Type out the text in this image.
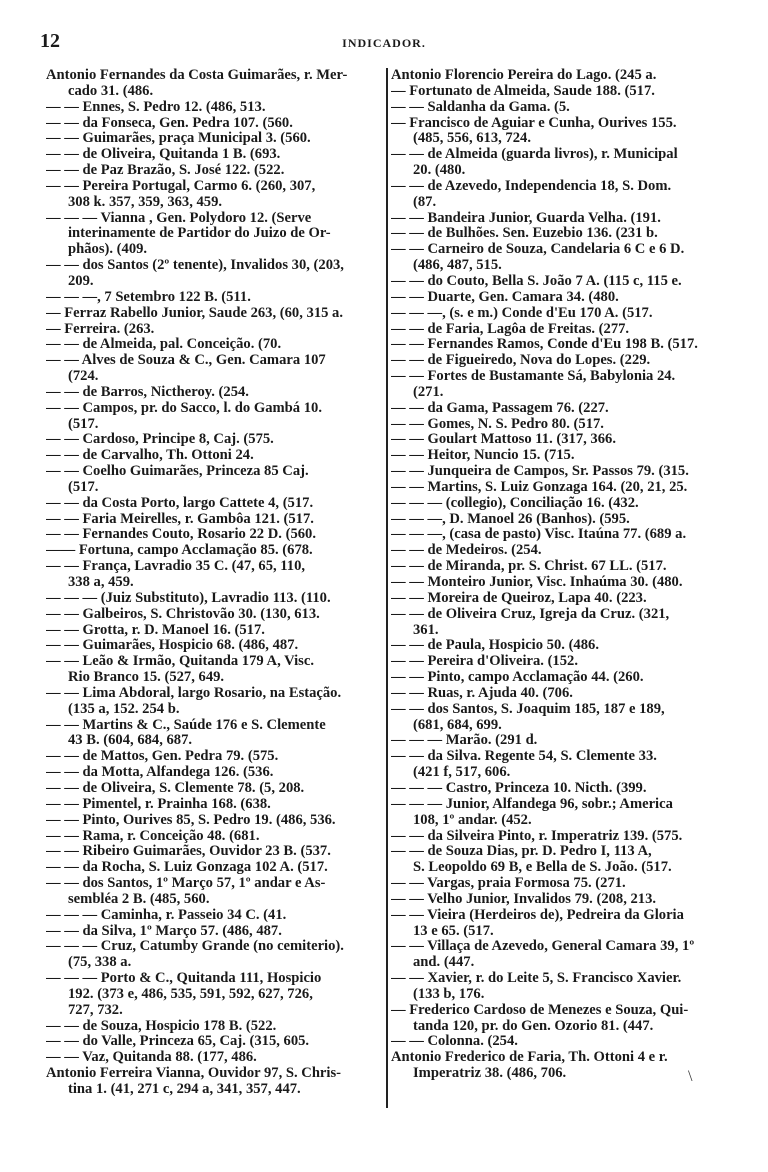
12	INDICADOR.
Antonio Fernandes da Costa Guimarães, r. Mer-
cado 31. (486.
— — Ennes, S. Pedro 12. (486, 513.
— — da Fonseca, Gen. Pedra 107. (560.
— — Guimarães, praça Municipal 3. (560.
— — de Oliveira, Quitanda 1 B. (693.
— — de Paz Brazão, S. José 122. (522.
— — Pereira Portugal, Carmo 6. (260, 307,
308 k. 357, 359, 363, 459.
— — — Vianna , Gen. Polydoro 12. (Serve
interinamente de Partidor do Juizo de Or-
phãos). (409.
— — dos Santos (2º tenente), Invalidos 30, (203,
209.
— — —, 7 Setembro 122 B. (511.
— Ferraz Rabello Junior, Saude 263, (60, 315 a.
— Ferreira. (263.
— — de Almeida, pal. Conceição. (70.
— — Alves de Souza & C., Gen. Camara 107
(724.
— — de Barros, Nictheroy. (254.
— — Campos, pr. do Sacco, l. do Gambá 10.
(517.
— — Cardoso, Principe 8, Caj. (575.
— — de Carvalho, Th. Ottoni 24.
— — Coelho Guimarães, Princeza 85 Caj.
(517.
— — da Costa Porto, largo Cattete 4, (517.
— — Faria Meirelles, r. Gambôa 121. (517.
— — Fernandes Couto, Rosario 22 D. (560.
—— Fortuna, campo Acclamação 85. (678.
— — França, Lavradio 35 C. (47, 65, 110,
338 a, 459.
— — — (Juiz Substituto), Lavradio 113. (110.
— — Galbeiros, S. Christovão 30. (130, 613.
— — Grotta, r. D. Manoel 16. (517.
— — Guimarães, Hospicio 68. (486, 487.
— — Leão & Irmão, Quitanda 179 A, Visc.
Rio Branco 15. (527, 649.
— — Lima Abdoral, largo Rosario, na Estação.
(135 a, 152. 254 b.
— — Martins & C., Saúde 176 e S. Clemente
43 B. (604, 684, 687.
— — de Mattos, Gen. Pedra 79. (575.
— — da Motta, Alfandega 126. (536.
— — de Oliveira, S. Clemente 78. (5, 208.
— — Pimentel, r. Prainha 168. (638.
— — Pinto, Ourives 85, S. Pedro 19. (486, 536.
— — Rama, r. Conceição 48. (681.
— — Ribeiro Guimarães, Ouvidor 23 B. (537.
— — da Rocha, S. Luiz Gonzaga 102 A. (517.
— — dos Santos, 1º Março 57, 1º andar e As-
sembléa 2 B. (485, 560.
— — — Caminha, r. Passeio 34 C. (41.
— — da Silva, 1º Março 57. (486, 487.
— — — Cruz, Catumby Grande (no cemiterio).
(75, 338 a.
— — — Porto & C., Quitanda 111, Hospicio
192. (373 e, 486, 535, 591, 592, 627, 726,
727, 732.
— — de Souza, Hospicio 178 B. (522.
— — do Valle, Princeza 65, Caj. (315, 605.
— — Vaz, Quitanda 88. (177, 486.
Antonio Ferreira Vianna, Ouvidor 97, S. Chris-
tina 1. (41, 271 c, 294 a, 341, 357, 447.
Antonio Florencio Pereira do Lago. (245 a.
— Fortunato de Almeida, Saude 188. (517.
— — Saldanha da Gama. (5.
— Francisco de Aguiar e Cunha, Ourives 155.
(485, 556, 613, 724.
— — de Almeida (guarda livros), r. Municipal
20. (480.
— — de Azevedo, Independencia 18, S. Dom.
(87.
— — Bandeira Junior, Guarda Velha. (191.
— — de Bulhões. Sen. Euzebio 136. (231 b.
— — Carneiro de Souza, Candelaria 6 C e 6 D.
(486, 487, 515.
— — do Couto, Bella S. João 7 A. (115 c, 115 e.
— — Duarte, Gen. Camara 34. (480.
— — —, (s. e m.) Conde d'Eu 170 A. (517.
— — de Faria, Lagôa de Freitas. (277.
— — Fernandes Ramos, Conde d'Eu 198 B. (517.
— — de Figueiredo, Nova do Lopes. (229.
— — Fortes de Bustamante Sá, Babylonia 24.
(271.
— — da Gama, Passagem 76. (227.
— — Gomes, N. S. Pedro 80. (517.
— — Goulart Mattoso 11. (317, 366.
— — Heitor, Nuncio 15. (715.
— — Junqueira de Campos, Sr. Passos 79. (315.
— — Martins, S. Luiz Gonzaga 164. (20, 21, 25.
— — — (collegio), Conciliação 16. (432.
— — —, D. Manoel 26 (Banhos). (595.
— — —, (casa de pasto) Visc. Itaúna 77. (689 a.
— — de Medeiros. (254.
— — de Miranda, pr. S. Christ. 67 LL. (517.
— — Monteiro Junior, Visc. Inhaúma 30. (480.
— — Moreira de Queiroz, Lapa 40. (223.
— — de Oliveira Cruz, Igreja da Cruz. (321,
361.
— — de Paula, Hospicio 50. (486.
— — Pereira d'Oliveira. (152.
— — Pinto, campo Acclamação 44. (260.
— — Ruas, r. Ajuda 40. (706.
— — dos Santos, S. Joaquim 185, 187 e 189,
(681, 684, 699.
— — — Marão. (291 d.
— — da Silva. Regente 54, S. Clemente 33.
(421 f, 517, 606.
— — — Castro, Princeza 10. Nicth. (399.
— — — Junior, Alfandega 96, sobr.; America
108, 1º andar. (452.
— — da Silveira Pinto, r. Imperatriz 139. (575.
— — de Souza Dias, pr. D. Pedro I, 113 A,
S. Leopoldo 69 B, e Bella de S. João. (517.
— — Vargas, praia Formosa 75. (271.
— — Velho Junior, Invalidos 79. (208, 213.
— — Vieira (Herdeiros de), Pedreira da Gloria
13 e 65. (517.
— — Villaça de Azevedo, General Camara 39, 1º
and. (447.
— — Xavier, r. do Leite 5, S. Francisco Xavier.
(133 b, 176.
— Frederico Cardoso de Menezes e Souza, Qui-
tanda 120, pr. do Gen. Ozorio 81. (447.
— — Colonna. (254.
Antonio Frederico de Faria, Th. Ottoni 4 e r.
Imperatriz 38. (486, 706.	\
